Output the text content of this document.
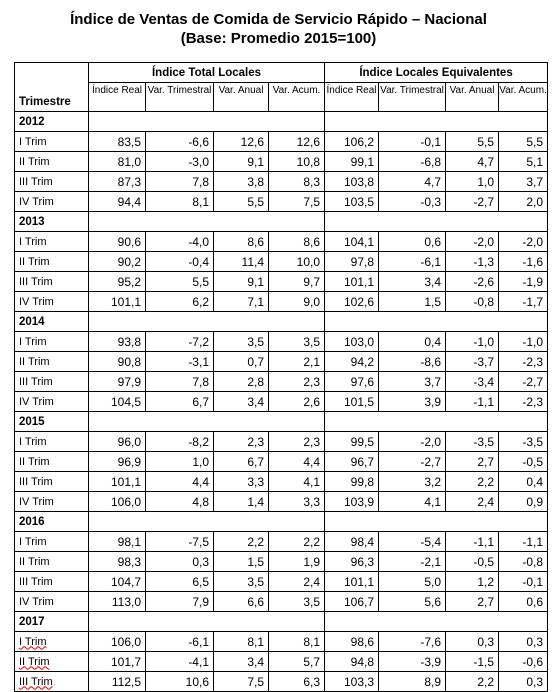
Índice de Ventas de Comida de Servicio Rápido – Nacional
(Base: Promedio 2015=100)
Trimestre	Índice Total Locales				Índice Locales Equivalentes			
	Índice Real	Var. Trimestral	Var. Anual	Var. Acum.	Índice Real	Var. Trimestral	Var. Anual	Var. Acum.
2012								
I Trim	83,5	-6,6	12,6	12,6	106,2	-0,1	5,5	5,5
II Trim	81,0	-3,0	9,1	10,8	99,1	-6,8	4,7	5,1
III Trim	87,3	7,8	3,8	8,3	103,8	4,7	1,0	3,7
IV Trim	94,4	8,1	5,5	7,5	103,5	-0,3	-2,7	2,0
2013								
I Trim	90,6	-4,0	8,6	8,6	104,1	0,6	-2,0	-2,0
II Trim	90,2	-0,4	11,4	10,0	97,8	-6,1	-1,3	-1,6
III Trim	95,2	5,5	9,1	9,7	101,1	3,4	-2,6	-1,9
IV Trim	101,1	6,2	7,1	9,0	102,6	1,5	-0,8	-1,7
2014								
I Trim	93,8	-7,2	3,5	3,5	103,0	0,4	-1,0	-1,0
II Trim	90,8	-3,1	0,7	2,1	94,2	-8,6	-3,7	-2,3
III Trim	97,9	7,8	2,8	2,3	97,6	3,7	-3,4	-2,7
IV Trim	104,5	6,7	3,4	2,6	101,5	3,9	-1,1	-2,3
2015								
I Trim	96,0	-8,2	2,3	2,3	99,5	-2,0	-3,5	-3,5
II Trim	96,9	1,0	6,7	4,4	96,7	-2,7	2,7	-0,5
III Trim	101,1	4,4	3,3	4,1	99,8	3,2	2,2	0,4
IV Trim	106,0	4,8	1,4	3,3	103,9	4,1	2,4	0,9
2016								
I Trim	98,1	-7,5	2,2	2,2	98,4	-5,4	-1,1	-1,1
II Trim	98,3	0,3	1,5	1,9	96,3	-2,1	-0,5	-0,8
III Trim	104,7	6,5	3,5	2,4	101,1	5,0	1,2	-0,1
IV Trim	113,0	7,9	6,6	3,5	106,7	5,6	2,7	0,6
2017								
I Trim	106,0	-6,1	8,1	8,1	98,6	-7,6	0,3	0,3
II Trim	101,7	-4,1	3,4	5,7	94,8	-3,9	-1,5	-0,6
III Trim	112,5	10,6	7,5	6,3	103,3	8,9	2,2	0,3
